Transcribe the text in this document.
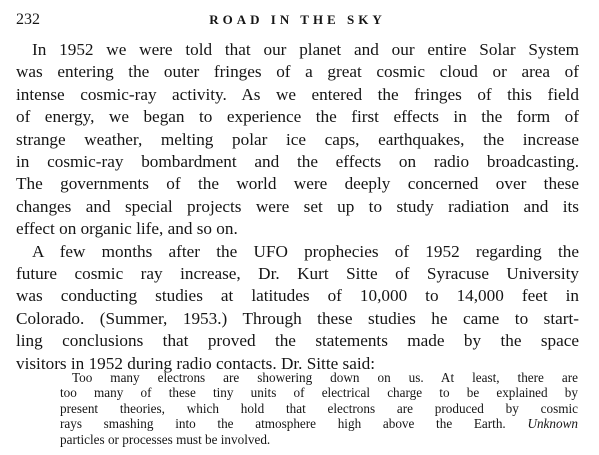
232	ROAD IN THE SKY

In 1952 we were told that our planet and our entire Solar System
was entering the outer fringes of a great cosmic cloud or area of
intense cosmic-ray activity. As we entered the fringes of this field
of energy, we began to experience the first effects in the form of
strange weather, melting polar ice caps, earthquakes, the increase
in cosmic-ray bombardment and the effects on radio broadcasting.
The governments of the world were deeply concerned over these
changes and special projects were set up to study radiation and its
effect on organic life, and so on.

A few months after the UFO prophecies of 1952 regarding the
future cosmic ray increase, Dr. Kurt Sitte of Syracuse University
was conducting studies at latitudes of 10,000 to 14,000 feet in
Colorado. (Summer, 1953.) Through these studies he came to start-
ling conclusions that proved the statements made by the space
visitors in 1952 during radio contacts. Dr. Sitte said:

Too many electrons are showering down on us. At least, there are
too many of these tiny units of electrical charge to be explained by
present theories, which hold that electrons are produced by cosmic
rays smashing into the atmosphere high above the Earth. Unknown
particles or processes must be involved.
